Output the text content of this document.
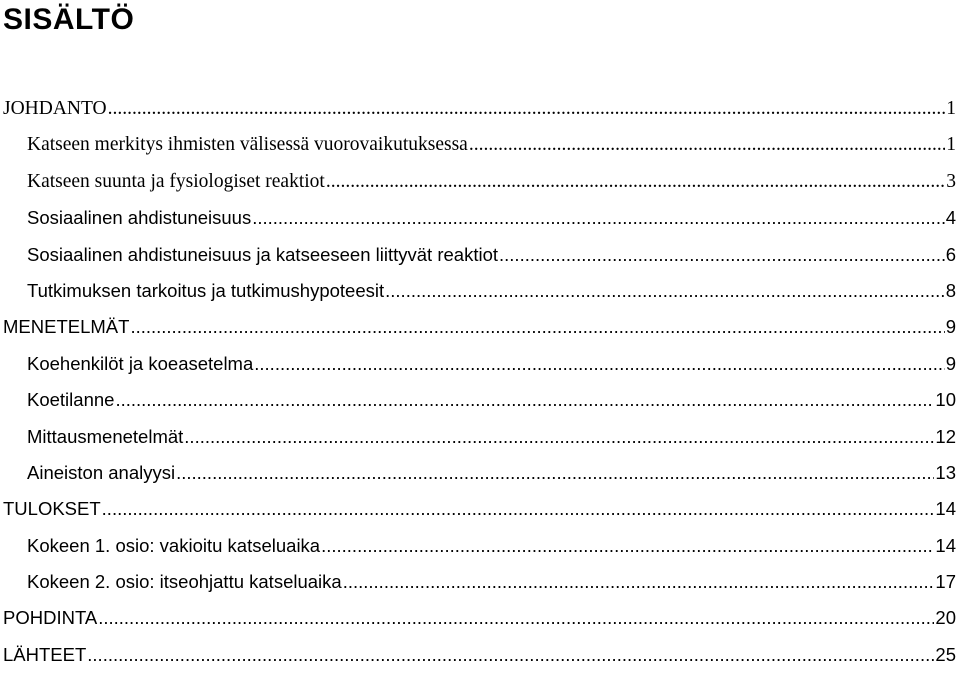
SISÄLTÖ
JOHDANTO .....	1
Katseen merkitys ihmisten välisessä vuorovaikutuksessa .....	1
Katseen suunta ja fysiologiset reaktiot .....	3
Sosiaalinen ahdistuneisuus .....	4
Sosiaalinen ahdistuneisuus ja katseeseen liittyvät reaktiot .....	6
Tutkimuksen tarkoitus ja tutkimushypoteesit .....	8
MENETELMÄT .....	9
Koehenkilöt ja koeasetelma .....	9
Koetilanne .....	10
Mittausmenetelmät .....	12
Aineiston analyysi .....	13
TULOKSET .....	14
Kokeen 1. osio: vakioitu katseluaika .....	14
Kokeen 2. osio: itseohjattu katseluaika .....	17
POHDINTA .....	20
LÄHTEET .....	25
